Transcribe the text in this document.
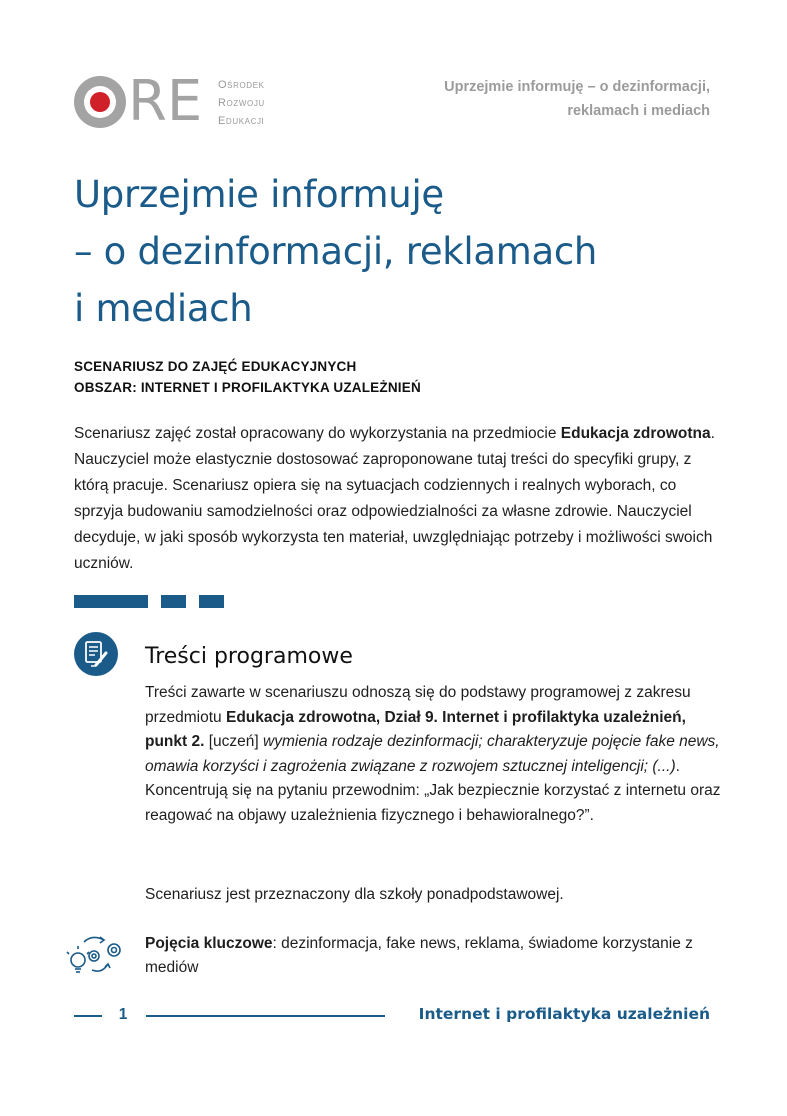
RE Ośrodek
Rozwoju
Edukacji
Uprzejmie informuję – o dezinformacji,
reklamach i mediach
Uprzejmie informuję
– o dezinformacji, reklamach
i mediach
SCENARIUSZ DO ZAJĘĆ EDUKACYJNYCH
OBSZAR: INTERNET I PROFILAKTYKA UZALEŻNIEŃ
Scenariusz zajęć został opracowany do wykorzystania na przedmiocie Edukacja zdrowotna. Nauczyciel może elastycznie dostosować zaproponowane tutaj treści do specyfiki grupy, z którą pracuje. Scenariusz opiera się na sytuacjach codziennych i realnych wyborach, co sprzyja budowaniu samodzielności oraz odpowiedzialności za własne zdrowie. Nauczyciel decyduje, w jaki sposób wykorzysta ten materiał, uwzględniając potrzeby i możliwości swoich uczniów.
Treści programowe
Treści zawarte w scenariuszu odnoszą się do podstawy programowej z zakresu przedmiotu Edukacja zdrowotna, Dział 9. Internet i profilaktyka uzależnień, punkt 2. [uczeń] wymienia rodzaje dezinformacji; charakteryzuje pojęcie fake news, omawia korzyści i zagrożenia związane z rozwojem sztucznej inteligencji; (...). Koncentrują się na pytaniu przewodnim: „Jak bezpiecznie korzystać z internetu oraz reagować na objawy uzależnienia fizycznego i behawioralnego?”.
Scenariusz jest przeznaczony dla szkoły ponadpodstawowej.
Pojęcia kluczowe: dezinformacja, fake news, reklama, świadome korzystanie z mediów
1	Internet i profilaktyka uzależnień
